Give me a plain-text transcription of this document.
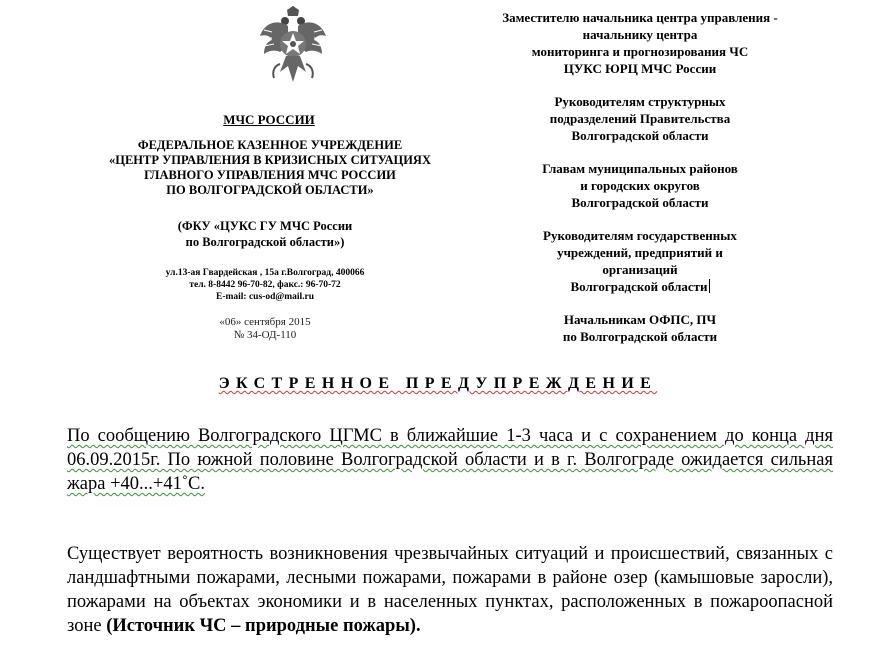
МЧС РОССИИ
ФЕДЕРАЛЬНОЕ КАЗЕННОЕ УЧРЕЖДЕНИЕ
«ЦЕНТР УПРАВЛЕНИЯ В КРИЗИСНЫХ СИТУАЦИЯХ
ГЛАВНОГО УПРАВЛЕНИЯ МЧС РОССИИ
ПО ВОЛГОГРАДСКОЙ ОБЛАСТИ»
(ФКУ «ЦУКС ГУ МЧС России
по Волгоградской области»)
ул.13-ая Гвардейская , 15а г.Волгоград, 400066
тел. 8-8442 96-70-82, факс.: 96-70-72
E-mail: cus-od@mail.ru
«06» сентября 2015
№ 34-ОД-110
Заместителю начальника центра управления -
начальнику центра
мониторинга и прогнозирования ЧС
ЦУКС ЮРЦ МЧС России
Руководителям структурных
подразделений Правительства
Волгоградской области
Главам муниципальных районов
и городских округов
Волгоградской области
Руководителям государственных
учреждений, предприятий и
организаций
Волгоградской области
Начальникам ОФПС, ПЧ
по Волгоградской области
ЭКСТРЕННОЕ ПРЕДУПРЕЖДЕНИЕ
По сообщению Волгоградского ЦГМС в ближайшие 1-3 часа и с сохранением до конца дня 06.09.2015г. По южной половине Волгоградской области и в г. Волгограде ожидается сильная жара +40...+41˚С.
Существует вероятность возникновения чрезвычайных ситуаций и происшествий, связанных с ландшафтными пожарами, лесными пожарами, пожарами в районе озер (камышовые заросли), пожарами на объектах экономики и в населенных пунктах, расположенных в пожароопасной зоне (Источник ЧС – природные пожары).
